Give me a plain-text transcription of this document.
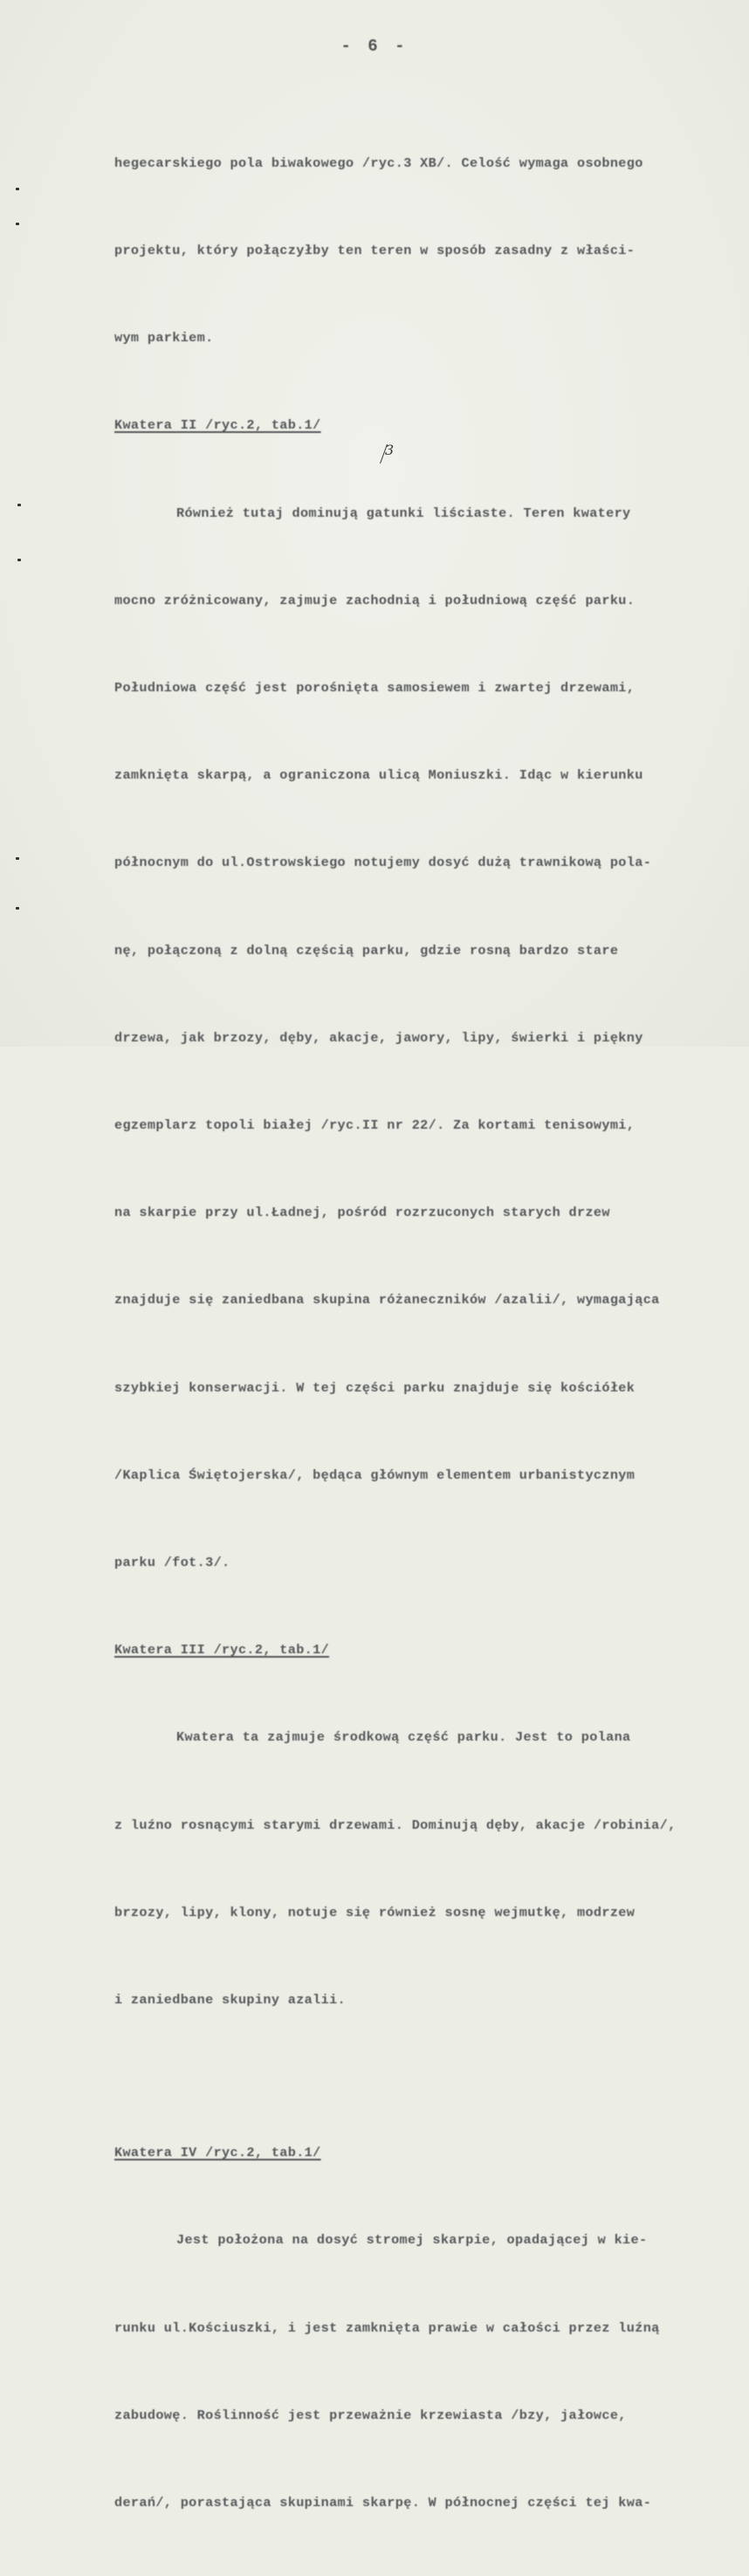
- 6 -

hegecarskiego pola biwakowego /ryc.3 XB/. Celość wymaga osobnego

projektu, który połączyłby ten teren w sposób zasadny z właści-

wym parkiem.

Kwatera II /ryc.2, tab.1/

Również tutaj dominują gatunki liściaste. Teren kwatery

mocno zróżnicowany, zajmuje zachodnią i południową część parku.

Południowa część jest porośnięta samosiewem i zwartej drzewami,

zamknięta skarpą, a ograniczona ulicą Moniuszki. Idąc w kierunku

północnym do ul.Ostrowskiego notujemy dosyć dużą trawnikową pola-

nę, połączoną z dolną częścią parku, gdzie rosną bardzo stare

drzewa, jak brzozy, dęby, akacje, jawory, lipy, świerki i piękny

egzemplarz topoli białej /ryc.II nr 22/. Za kortami tenisowymi,

na skarpie przy ul.Ładnej, pośród rozrzuconych starych drzew

znajduje się zaniedbana skupina różaneczników /azalii/, wymagająca

szybkiej konserwacji. W tej części parku znajduje się kościółek

/Kaplica Świętojerska/, będąca głównym elementem urbanistycznym

parku /fot.3/.

Kwatera III /ryc.2, tab.1/

Kwatera ta zajmuje środkową część parku. Jest to polana

z luźno rosnącymi starymi drzewami. Dominują dęby, akacje /robinia/,

brzozy, lipy, klony, notuje się również sosnę wejmutkę, modrzew

i zaniedbane skupiny azalii.

Kwatera IV /ryc.2, tab.1/

Jest położona na dosyć stromej skarpie, opadającej w kie-

runku ul.Kościuszki, i jest zamknięta prawie w całości przez luźną

zabudowę. Roślinność jest przeważnie krzewiasta /bzy, jałowce,

derań/, porastająca skupinami skarpę. W północnej części tej kwa-

3
